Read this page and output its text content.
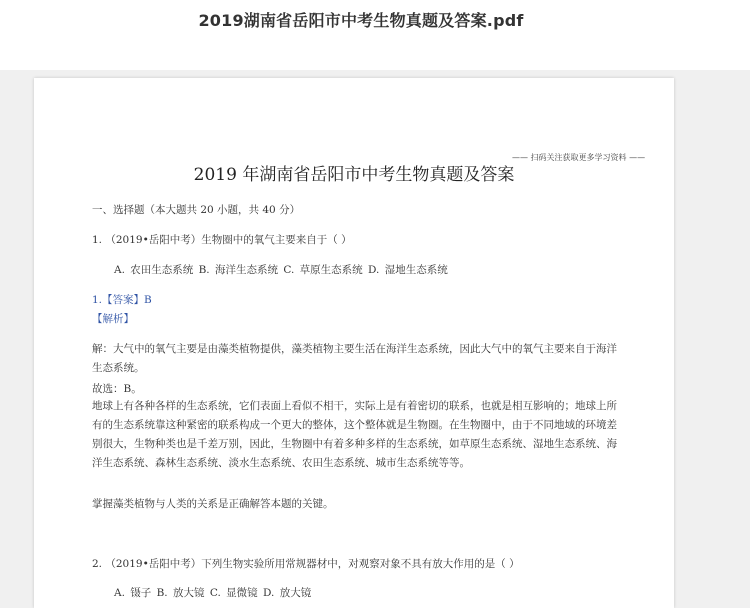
2019湖南省岳阳市中考生物真题及答案.pdf
—— 扫码关注获取更多学习资料 ——
2019 年湖南省岳阳市中考生物真题及答案
一、选择题（本大题共 20 小题，共 40 分）
1. （2019•岳阳中考）生物圈中的氧气主要来自于（ ）
A. 农田生态系统 B. 海洋生态系统 C. 草原生态系统 D. 湿地生态系统
1.【答案】B
【解析】
解：大气中的氧气主要是由藻类植物提供，藻类植物主要生活在海洋生态系统，因此大气中的氧气主要来自于海洋生态系统。
故选：B。
地球上有各种各样的生态系统，它们表面上看似不相干，实际上是有着密切的联系，也就是相互影响的；地球上所有的生态系统靠这种紧密的联系构成一个更大的整体，这个整体就是生物圈。在生物圈中，由于不同地域的环境差别很大，生物种类也是千差万别，因此，生物圈中有着多种多样的生态系统，如草原生态系统、湿地生态系统、海洋生态系统、森林生态系统、淡水生态系统、农田生态系统、城市生态系统等等。
掌握藻类植物与人类的关系是正确解答本题的关键。
2. （2019•岳阳中考）下列生物实验所用常规器材中，对观察对象不具有放大作用的是（ ）
A. 镊子 B. 放大镜 C. 显微镜 D. 放大镜
